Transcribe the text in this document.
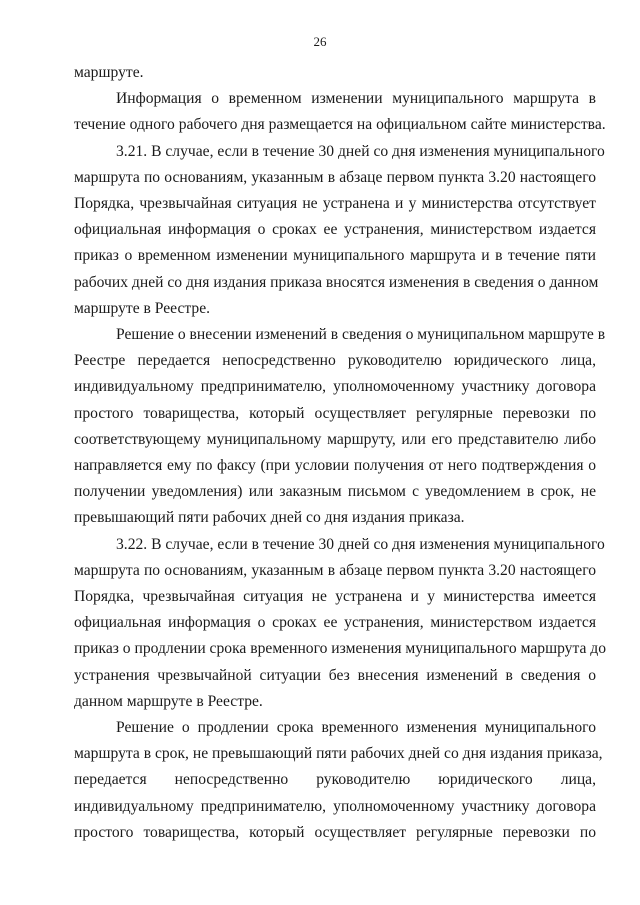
26
маршруте.
Информация о временном изменении муниципального маршрута в
течение одного рабочего дня размещается на официальном сайте министерства.
3.21. В случае, если в течение 30 дней со дня изменения муниципального
маршрута по основаниям, указанным в абзаце первом пункта 3.20 настоящего
Порядка, чрезвычайная ситуация не устранена и у министерства отсутствует
официальная информация о сроках ее устранения, министерством издается
приказ о временном изменении муниципального маршрута и в течение пяти
рабочих дней со дня издания приказа вносятся изменения в сведения о данном
маршруте в Реестре.
Решение о внесении изменений в сведения о муниципальном маршруте в
Реестре передается непосредственно руководителю юридического лица,
индивидуальному предпринимателю, уполномоченному участнику договора
простого товарищества, который осуществляет регулярные перевозки по
соответствующему муниципальному маршруту, или его представителю либо
направляется ему по факсу (при условии получения от него подтверждения о
получении уведомления) или заказным письмом с уведомлением в срок, не
превышающий пяти рабочих дней со дня издания приказа.
3.22. В случае, если в течение 30 дней со дня изменения муниципального
маршрута по основаниям, указанным в абзаце первом пункта 3.20 настоящего
Порядка, чрезвычайная ситуация не устранена и у министерства имеется
официальная информация о сроках ее устранения, министерством издается
приказ о продлении срока временного изменения муниципального маршрута до
устранения чрезвычайной ситуации без внесения изменений в сведения о
данном маршруте в Реестре.
Решение о продлении срока временного изменения муниципального
маршрута в срок, не превышающий пяти рабочих дней со дня издания приказа,
передается непосредственно руководителю юридического лица,
индивидуальному предпринимателю, уполномоченному участнику договора
простого товарищества, который осуществляет регулярные перевозки по
